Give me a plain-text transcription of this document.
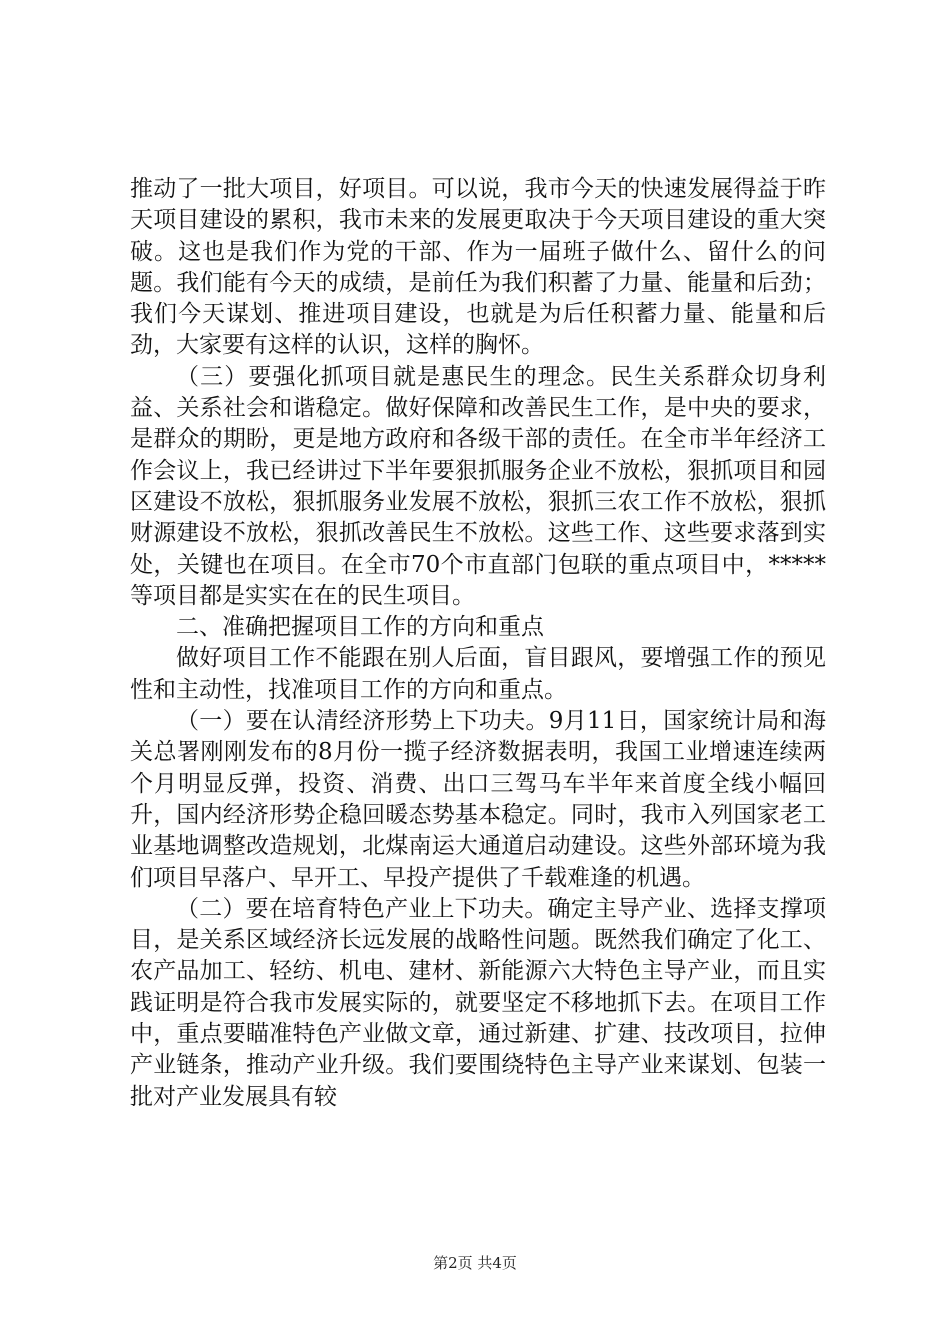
推动了一批大项目，好项目。可以说，我市今天的快速发展得益于昨天项目建设的累积，我市未来的发展更取决于今天项目建设的重大突破。这也是我们作为党的干部、作为一届班子做什么、留什么的问题。我们能有今天的成绩，是前任为我们积蓄了力量、能量和后劲；我们今天谋划、推进项目建设，也就是为后任积蓄力量、能量和后劲，大家要有这样的认识，这样的胸怀。

（三）要强化抓项目就是惠民生的理念。民生关系群众切身利益、关系社会和谐稳定。做好保障和改善民生工作，是中央的要求，是群众的期盼，更是地方政府和各级干部的责任。在全市半年经济工作会议上，我已经讲过下半年要狠抓服务企业不放松，狠抓项目和园区建设不放松，狠抓服务业发展不放松，狠抓三农工作不放松，狠抓财源建设不放松，狠抓改善民生不放松。这些工作、这些要求落到实处，关键也在项目。在全市70个市直部门包联的重点项目中，*****等项目都是实实在在的民生项目。

二、准确把握项目工作的方向和重点

做好项目工作不能跟在别人后面，盲目跟风，要增强工作的预见性和主动性，找准项目工作的方向和重点。

（一）要在认清经济形势上下功夫。9月11日，国家统计局和海关总署刚刚发布的8月份一揽子经济数据表明，我国工业增速连续两个月明显反弹，投资、消费、出口三驾马车半年来首度全线小幅回升，国内经济形势企稳回暖态势基本稳定。同时，我市入列国家老工业基地调整改造规划，北煤南运大通道启动建设。这些外部环境为我们项目早落户、早开工、早投产提供了千载难逢的机遇。

（二）要在培育特色产业上下功夫。确定主导产业、选择支撑项目，是关系区域经济长远发展的战略性问题。既然我们确定了化工、农产品加工、轻纺、机电、建材、新能源六大特色主导产业，而且实践证明是符合我市发展实际的，就要坚定不移地抓下去。在项目工作中，重点要瞄准特色产业做文章，通过新建、扩建、技改项目，拉伸产业链条，推动产业升级。我们要围绕特色主导产业来谋划、包装一批对产业发展具有较

第2页 共4页
